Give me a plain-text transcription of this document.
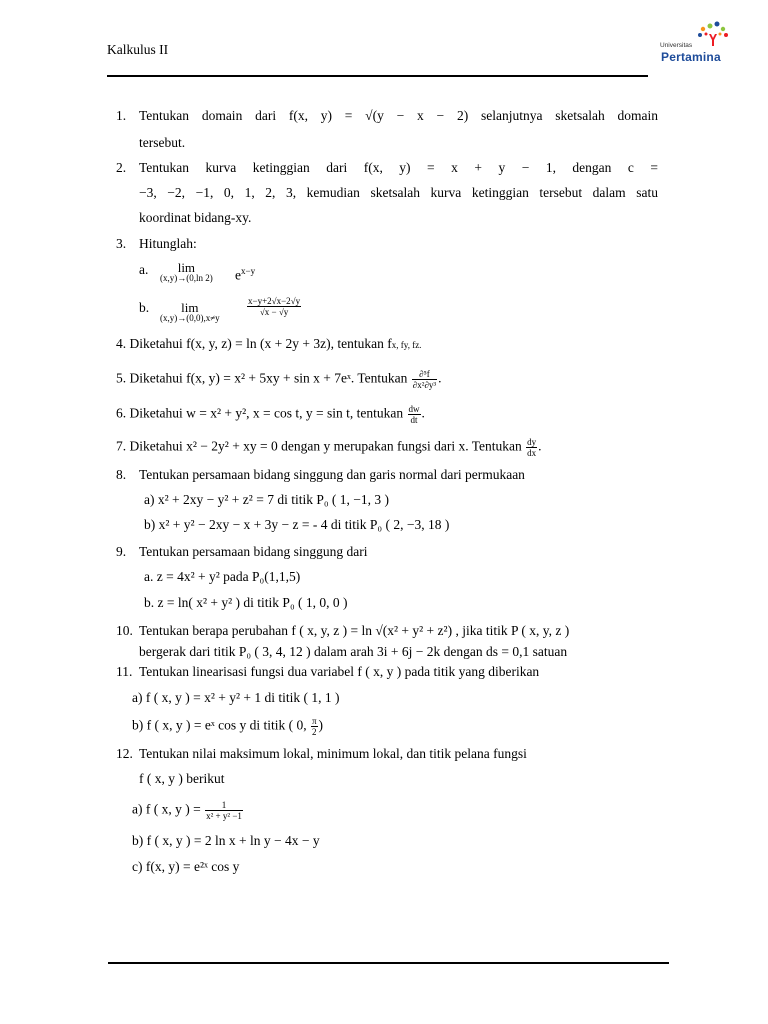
Kalkulus II	Universitas
Pertamina
1. Tentukan domain dari f(x, y) = √(y − x − 2) selanjutnya sketsalah domain
tersebut.
2. Tentukan kurva ketinggian dari f(x, y) = x + y − 1, dengan c =
−3, −2, −1, 0, 1, 2, 3, kemudian sketsalah kurva ketinggian tersebut dalam satu
koordinat bidang-xy.
3. Hitunglah:
a.	lim
(x,y)→(0,ln 2) $e^{x-y}$
b.	lim
(x,y)→(0,0),x≠y
$\frac{x-y+2√x-2√y}{√x - √y}$
4. Diketahui f(x, y, z) = ln (x + 2y + 3z), tentukan fx, fy, fz.
5. Diketahui f(x, y) = x² + 5xy + sin x + 7eˣ. Tentukan $\frac{\text{∂⁵f}}{\text{∂x²∂y³}}$ .
6. Diketahui w = x² + y², x = cos t, y = sin t, tentukan $\frac{dw}{dt}$ .
7. Diketahui x² − 2y² + xy = 0 dengan y merupakan fungsi dari x. Tentukan $\frac{dy}{dx}$ .
8. Tentukan persamaan bidang singgung dan garis normal dari permukaan
a) x² + 2xy − y² + z² = 7 di titik P₀ ( 1, −1, 3 )
b) x² + y² − 2xy − x + 3y − z = - 4 di titik P₀ ( 2, −3, 18 )
9. Tentukan persamaan bidang singgung dari
a. z = 4x² + y² pada P₀(1,1,5)
b. z = ln( x² + y² ) di titik P₀ ( 1, 0, 0 )
10. Tentukan berapa perubahan f ( x, y, z ) = ln √(x² + y² + z²) , jika titik P ( x, y, z )
bergerak dari titik P₀ ( 3, 4, 12 ) dalam arah 3i + 6j − 2k dengan ds = 0,1 satuan
11. Tentukan linearisasi fungsi dua variabel f ( x, y ) pada titik yang diberikan
a) f ( x, y ) = x² + y² + 1 di titik ( 1, 1 )
b) f ( x, y ) = eˣ cos y di titik ( 0, $\frac{\pi}{2}$ )
12. Tentukan nilai maksimum lokal, minimum lokal, dan titik pelana fungsi
f ( x, y ) berikut
a) f ( x, y ) = $\frac{1}{\text{x² + y² −1}}$
b) f ( x, y ) = 2 ln x + ln y − 4x − y
c) f(x, y) = e²ˣ cos y
